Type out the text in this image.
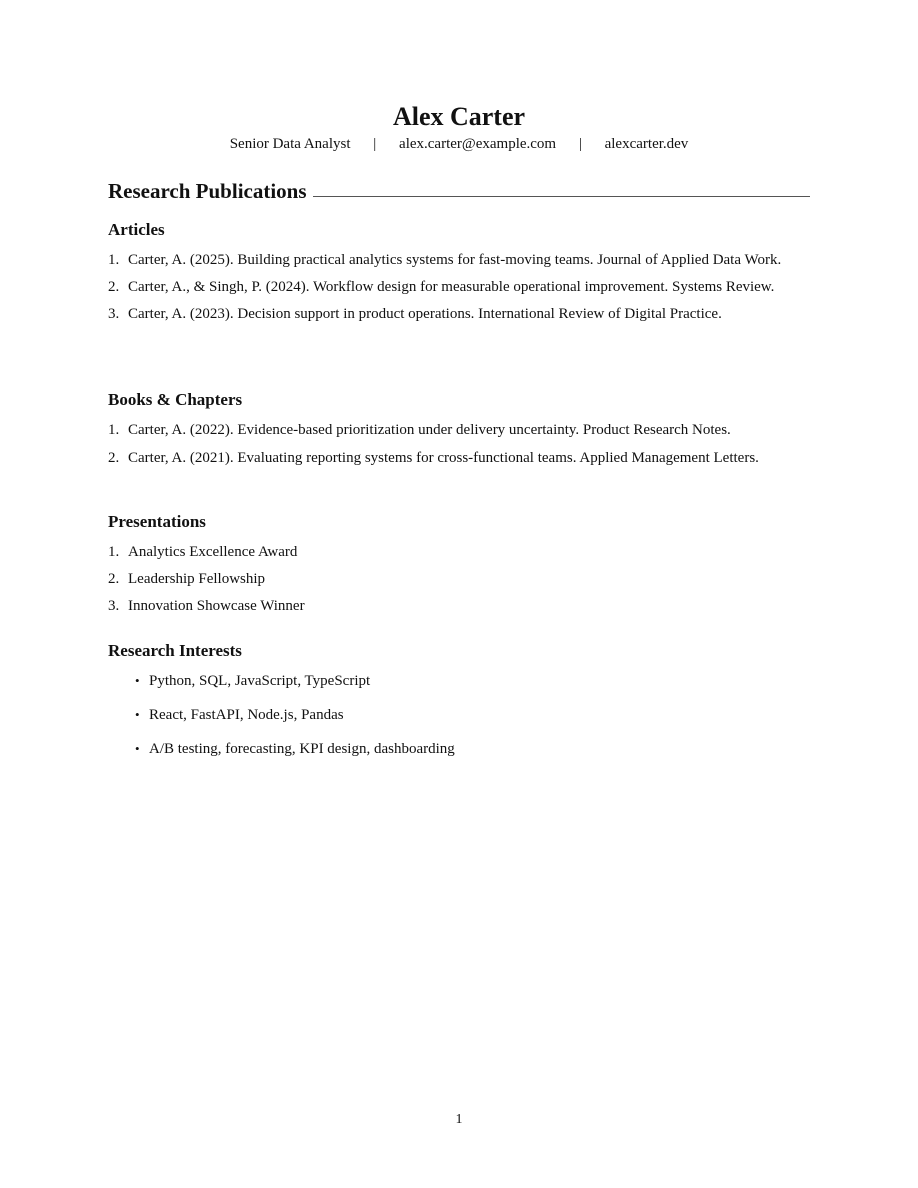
Alex Carter
Senior Data Analyst | alex.carter@example.com | alexcarter.dev
Research Publications
Articles
1. Carter, A. (2025). Building practical analytics systems for fast-moving teams. Journal of Applied Data Work.
2. Carter, A., & Singh, P. (2024). Workflow design for measurable operational improvement. Systems Review.
3. Carter, A. (2023). Decision support in product operations. International Review of Digital Practice.
Books & Chapters
1. Carter, A. (2022). Evidence-based prioritization under delivery uncertainty. Product Research Notes.
2. Carter, A. (2021). Evaluating reporting systems for cross-functional teams. Applied Management Letters.
Presentations
1. Analytics Excellence Award
2. Leadership Fellowship
3. Innovation Showcase Winner
Research Interests
• Python, SQL, JavaScript, TypeScript
• React, FastAPI, Node.js, Pandas
• A/B testing, forecasting, KPI design, dashboarding
1
